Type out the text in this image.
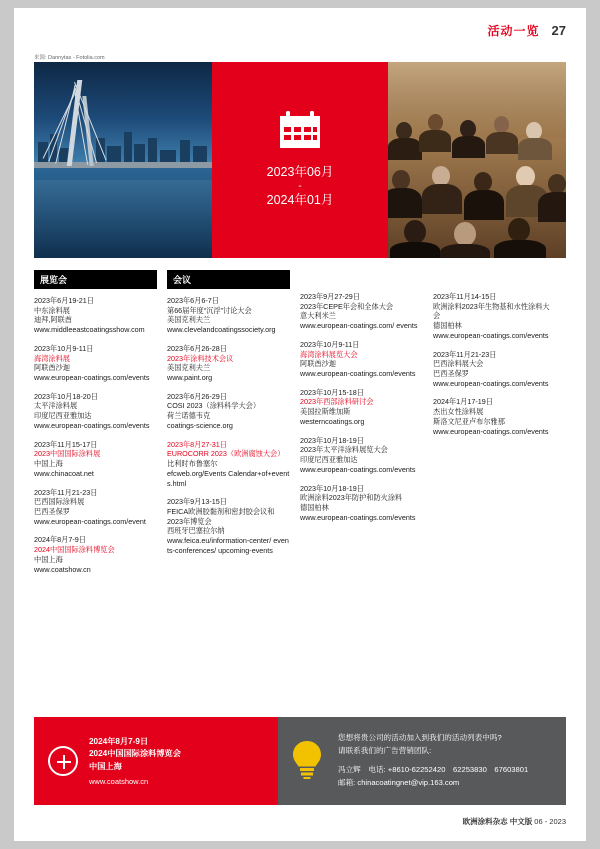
活动一览 27
来源: Dannytas - Fotolia.com
2023年06月
-
2024年01月
展览会
2023年6月19-21日
中东涂料展
迪拜,阿联酋
www.middleeastcoatingsshow.com
2023年10月9-11日
海湾涂料展
阿联酋沙迦
www.european-coatings.com/events
2023年10月18-20日
太平洋涂料展
印度尼西亚雅加达
www.european-coatings.com/events
2023年11月15-17日
2023中国国际涂料展
中国上海
www.chinacoat.net
2023年11月21-23日
巴西国际涂料展
巴西圣保罗
www.european-coatings.com/event
2024年8月7-9日
2024中国国际涂料博览会
中国上海
www.coatshow.cn
会议
2023年6月6-7日
第66届年度“沉浮”讨论大会
美国克利夫兰
www.clevelandcoatingssociety.org
2023年6月26-28日
2023年涂料技术会议
美国克利夫兰
www.paint.org
2023年6月26-29日
COSI 2023（涂料科学大会）
荷兰诺德韦克
coatings-science.org
2023年8月27-31日
EUROCORR 2023（欧洲腐蚀大会）
比利时布鲁塞尔
efcweb.org/Events Calendar+of+events.html
2023年9月13-15日
FEICA欧洲胶黏剂和密封胶会议和2023年博览会
西班牙巴塞拉尔纳
www.feica.eu/information-center/ events-conferences/ upcoming-events
2023年9月27-29日
2023年CEPE年会和全体大会
意大利米兰
www.european-coatings.com/ events
2023年10月9-11日
海湾涂料展览大会
阿联酋沙迦
www.european-coatings.com/events
2023年10月15-18日
2023年西部涂料研讨会
美国拉斯维加斯
westerncoatings.org
2023年10月18-19日
2023年太平洋涂料展览大会
印度尼西亚雅加达
www.european-coatings.com/events
2023年10月18-19日
欧洲涂料2023年防护和防火涂料
德国柏林
www.european-coatings.com/events
2023年11月14-15日
欧洲涂料2023年生物基和水性涂料大会
德国柏林
www.european-coatings.com/events
2023年11月21-23日
巴西涂料展大会
巴西圣保罗
www.european-coatings.com/events
2024年1月17-19日
杰出女性涂料展
斯洛文尼亚卢布尔雅那
www.european-coatings.com/events
2024年8月7-9日
2024中国国际涂料博览会
中国上海
www.coatshow.cn
您想将贵公司的活动加入到我们的活动列表中吗?
请联系我们的广告营销团队:
冯立辉　电话: +8610-62252420　62253830　67603801
邮箱: chinacoatingnet@vip.163.com
欧洲涂料杂志 中文版 06 - 2023
